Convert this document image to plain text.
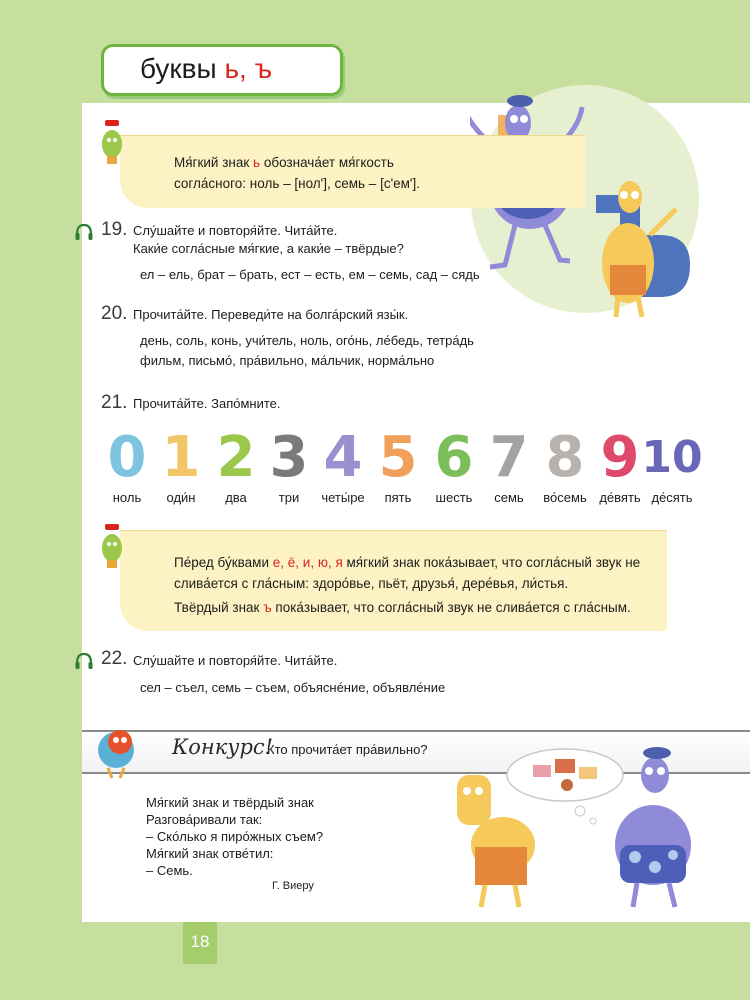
18
буквы ь, ъ
Мя́гкий знак ь обознача́ет мя́гкость
согла́сного: ноль – [нол'], семь – [с'ем'].
19. Слу́шайте и повторя́йте. Чита́йте.
Каки́е согла́сные мя́гкие, а каки́е – твёрдые?
ел – ель, брат – брать, ест – есть, ем – семь, сад – сядь
20. Прочита́йте. Переведи́те на болга́рский язы́к.
день, соль, конь, учи́тель, ноль, ого́нь, ле́бедь, тетра́дь
фильм, письмо́, пра́вильно, ма́льчик, норма́льно
21. Прочита́йте. Запо́мните.
0
ноль
1
оди́н
2
два
3
три
4
четы́ре
5
пять
6
шесть
7
семь
8
во́семь
9
де́вять
10
де́сять
Пе́ред бу́квами е, ё, и, ю, я мя́гкий знак пока́зывает, что согла́сный звук не
слива́ется с гла́сным: здоро́вье, пьёт, друзья́, дере́вья, ли́стья.
Твёрдый знак ъ пока́зывает, что согла́сный звук не слива́ется с гла́сным.
22. Слу́шайте и повторя́йте. Чита́йте.
сел – съел, семь – съем, объясне́ние, объявле́ние
Конкурс!
Кто прочита́ет пра́вильно?
Мя́гкий знак и твёрдый знак
Разгова́ривали так:
– Ско́лько я пиро́жных съем?
Мя́гкий знак отве́тил:
– Семь.
Г. Виеру
